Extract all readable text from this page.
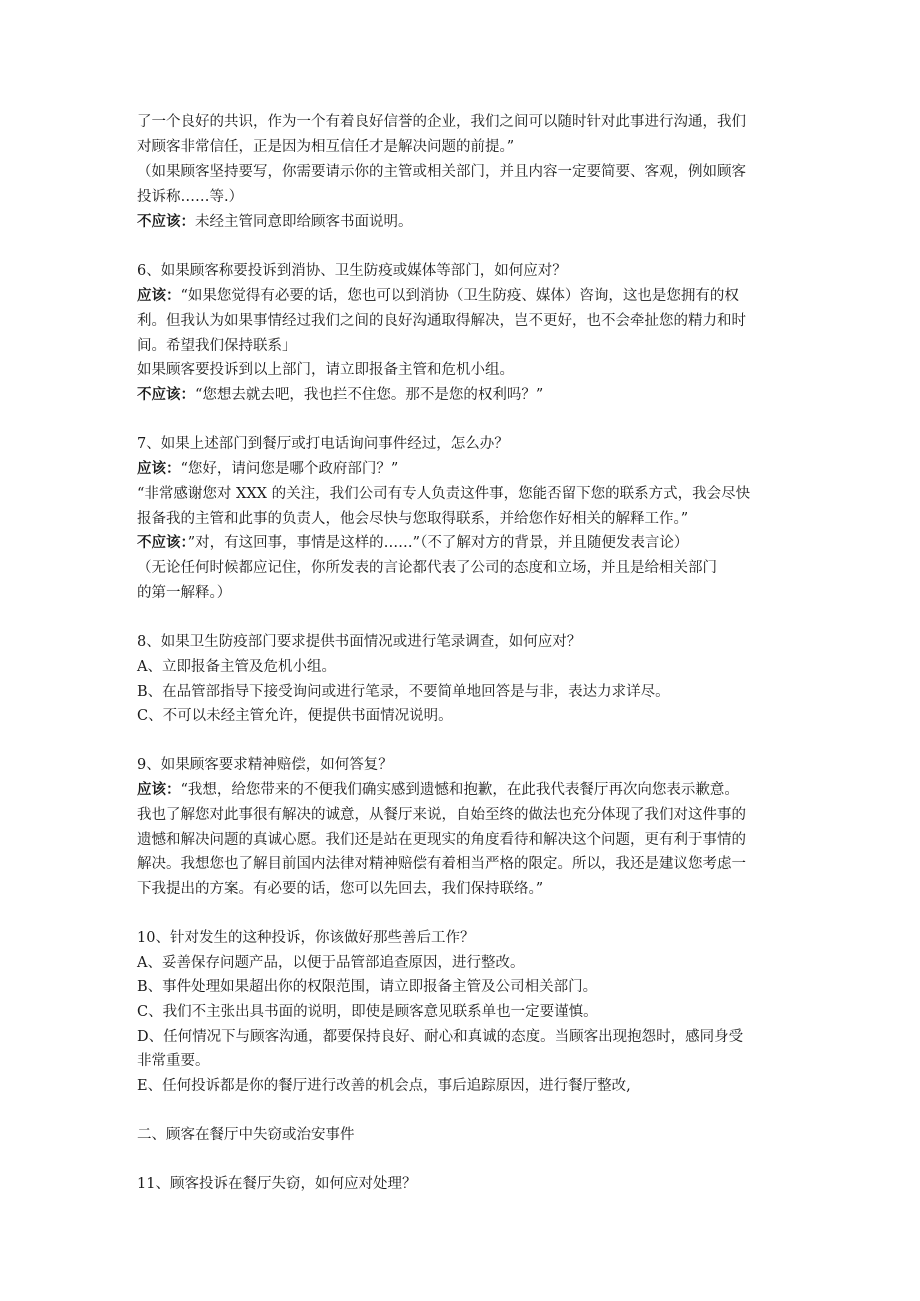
了一个良好的共识，作为一个有着良好信誉的企业，我们之间可以随时针对此事进行沟通，我们
对顾客非常信任，正是因为相互信任才是解决问题的前提。”
（如果顾客坚持要写，你需要请示你的主管或相关部门，并且内容一定要简要、客观，例如顾客
投诉称……等.）
不应该：未经主管同意即给顾客书面说明。
6、如果顾客称要投诉到消协、卫生防疫或媒体等部门，如何应对？
应该：“如果您觉得有必要的话，您也可以到消协（卫生防疫、媒体）咨询，这也是您拥有的权
利。但我认为如果事情经过我们之间的良好沟通取得解决，岂不更好，也不会牵扯您的精力和时
间。希望我们保持联系」
如果顾客要投诉到以上部门，请立即报备主管和危机小组。
不应该：“您想去就去吧，我也拦不住您。那不是您的权利吗？”
7、如果上述部门到餐厅或打电话询问事件经过，怎么办？
应该：“您好，请问您是哪个政府部门？”
“非常感谢您对 XXX 的关注，我们公司有专人负责这件事，您能否留下您的联系方式，我会尽快
报备我的主管和此事的负责人，他会尽快与您取得联系，并给您作好相关的解释工作。”
不应该：”对，有这回事，事情是这样的……”（不了解对方的背景，并且随便发表言论）
（无论任何时候都应记住，你所发表的言论都代表了公司的态度和立场，并且是给相关部门
的第一解释。）
8、如果卫生防疫部门要求提供书面情况或进行笔录调查，如何应对？
A、立即报备主管及危机小组。
B、在品管部指导下接受询问或进行笔录，不要简单地回答是与非，表达力求详尽。
C、不可以未经主管允许，便提供书面情况说明。
9、如果顾客要求精神赔偿，如何答复？
应该：“我想，给您带来的不便我们确实感到遗憾和抱歉，在此我代表餐厅再次向您表示歉意。
我也了解您对此事很有解决的诚意，从餐厅来说，自始至终的做法也充分体现了我们对这件事的
遗憾和解决问题的真诚心愿。我们还是站在更现实的角度看待和解决这个问题，更有利于事情的
解决。我想您也了解目前国内法律对精神赔偿有着相当严格的限定。所以，我还是建议您考虑一
下我提出的方案。有必要的话，您可以先回去，我们保持联络。”
10、针对发生的这种投诉，你该做好那些善后工作？
A、妥善保存问题产品，以便于品管部追查原因，进行整改。
B、事件处理如果超出你的权限范围，请立即报备主管及公司相关部门。
C、我们不主张出具书面的说明，即使是顾客意见联系单也一定要谨慎。
D、任何情况下与顾客沟通，都要保持良好、耐心和真诚的态度。当顾客出现抱怨时，感同身受
非常重要。
E、任何投诉都是你的餐厅进行改善的机会点，事后追踪原因，进行餐厅整改,
二、顾客在餐厅中失窃或治安事件
11、顾客投诉在餐厅失窃，如何应对处理？
